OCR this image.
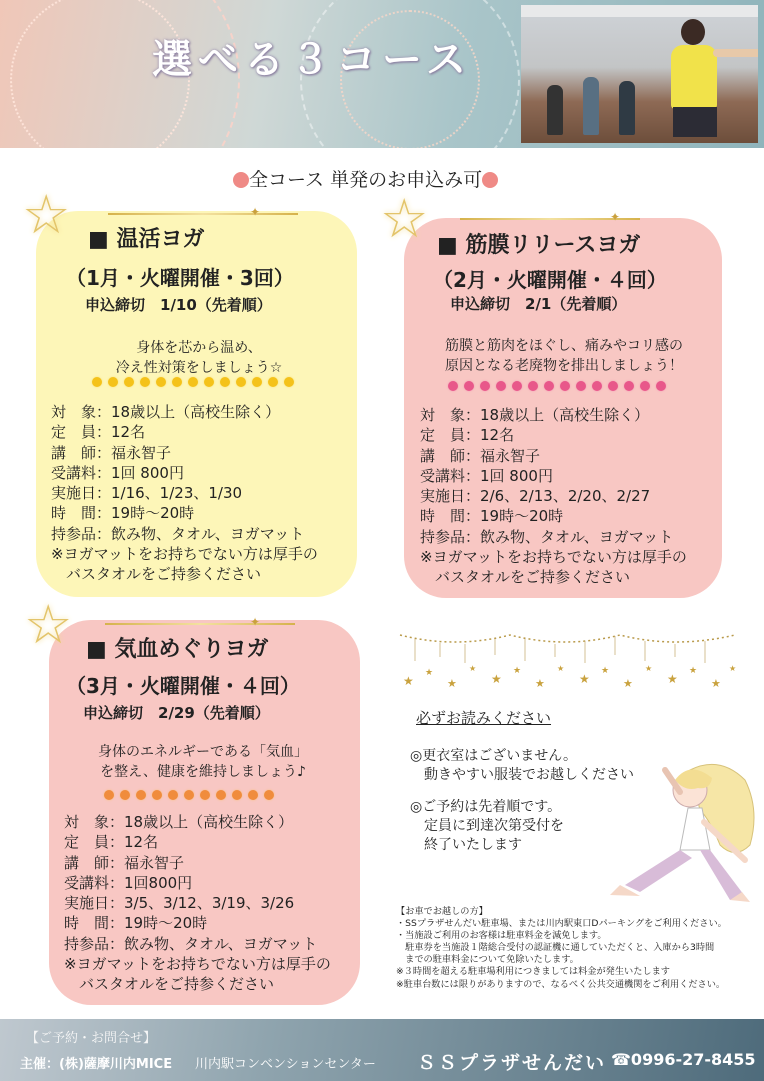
選べる３コース
全コース 単発のお申込み可
☆	✦
■ 温活ヨガ
（1月・火曜開催・3回）
申込締切　1/10（先着順）
身体を芯から温め、
冷え性対策をしましょう☆
対　象：18歳以上（高校生除く）
定　員：12名
講　師：福永智子
受講料：1回 800円
実施日：1/16、1/23、1/30
時　間：19時～20時
持参品：飲み物、タオル、ヨガマット
※ヨガマットをお持ちでない方は厚手の
　バスタオルをご持参ください
☆	✦
■ 筋膜リリースヨガ
（2月・火曜開催・４回）
申込締切　2/1（先着順）
筋膜と筋肉をほぐし、痛みやコリ感の
原因となる老廃物を排出しましょう！
対　象：18歳以上（高校生除く）
定　員：12名
講　師：福永智子
受講料：1回 800円
実施日：2/6、2/13、2/20、2/27
時　間：19時～20時
持参品：飲み物、タオル、ヨガマット
※ヨガマットをお持ちでない方は厚手の
　バスタオルをご持参ください
☆	✦
■ 気血めぐりヨガ
（3月・火曜開催・４回）
申込締切　2/29（先着順）
身体のエネルギーである「気血」
を整え、健康を維持しましょう♪
対　象：18歳以上（高校生除く）
定　員：12名
講　師：福永智子
受講料：1回800円
実施日：3/5、3/12、3/19、3/26
時　間：19時～20時
持参品：飲み物、タオル、ヨガマット
※ヨガマットをお持ちでない方は厚手の
　バスタオルをご持参ください
★
★
★
★
★
★
★
★
★
★
★
★
★
★
★
★
必ずお読みください
◎更衣室はございません。
　動きやすい服装でお越しください
◎ご予約は先着順です。
　定員に到達次第受付を
　終了いたします
【お車でお越しの方】
・SSプラザせんだい駐車場、または川内駅東口Dパーキングをご利用ください。
・当施設ご利用のお客様は駐車料金を減免します。
　駐車券を当施設１階総合受付の認証機に通していただくと、入庫から3時間
　までの駐車料金について免除いたします。
※３時間を超える駐車場利用につきましては料金が発生いたします
※駐車台数には限りがありますので、なるべく公共交通機関をご利用ください。
【ご予約・お問合せ】
主催：(株)薩摩川内MICE 川内駅コンベンションセンター ＳＳプラザせんだい ☎0996-27-8455
